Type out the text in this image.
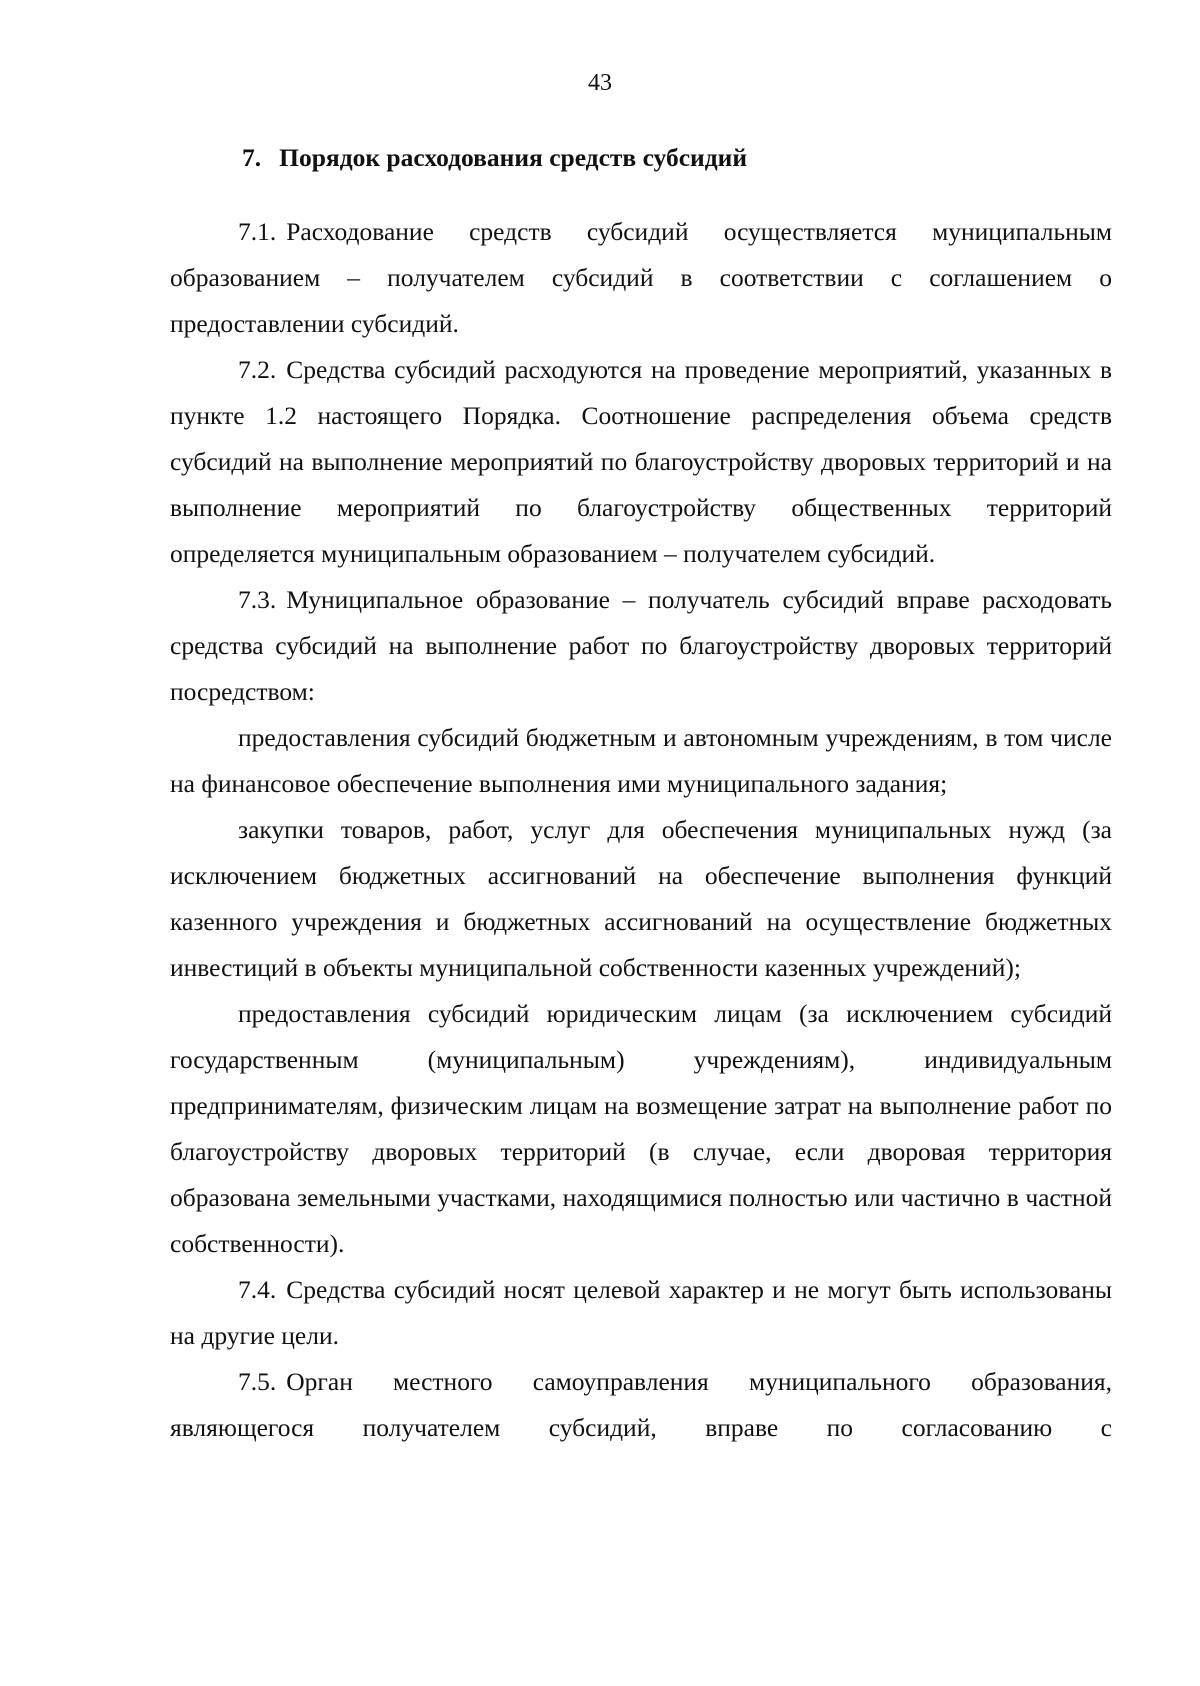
43
7. Порядок расходования средств субсидий

7.1. Расходование средств субсидий осуществляется муниципальным образованием – получателем субсидий в соответствии с соглашением о предоставлении субсидий.

7.2. Средства субсидий расходуются на проведение мероприятий, указанных в пункте 1.2 настоящего Порядка. Соотношение распределения объема средств субсидий на выполнение мероприятий по благоустройству дворовых территорий и на выполнение мероприятий по благоустройству общественных территорий определяется муниципальным образованием – получателем субсидий.

7.3. Муниципальное образование – получатель субсидий вправе расходовать средства субсидий на выполнение работ по благоустройству дворовых территорий посредством:

предоставления субсидий бюджетным и автономным учреждениям, в том числе на финансовое обеспечение выполнения ими муниципального задания;

закупки товаров, работ, услуг для обеспечения муниципальных нужд (за исключением бюджетных ассигнований на обеспечение выполнения функций казенного учреждения и бюджетных ассигнований на осуществление бюджетных инвестиций в объекты муниципальной собственности казенных учреждений);

предоставления субсидий юридическим лицам (за исключением субсидий государственным (муниципальным) учреждениям), индивидуальным предпринимателям, физическим лицам на возмещение затрат на выполнение работ по благоустройству дворовых территорий (в случае, если дворовая территория образована земельными участками, находящимися полностью или частично в частной собственности).

7.4. Средства субсидий носят целевой характер и не могут быть использованы на другие цели.

7.5. Орган местного самоуправления муниципального образования, являющегося получателем субсидий, вправе по согласованию с
